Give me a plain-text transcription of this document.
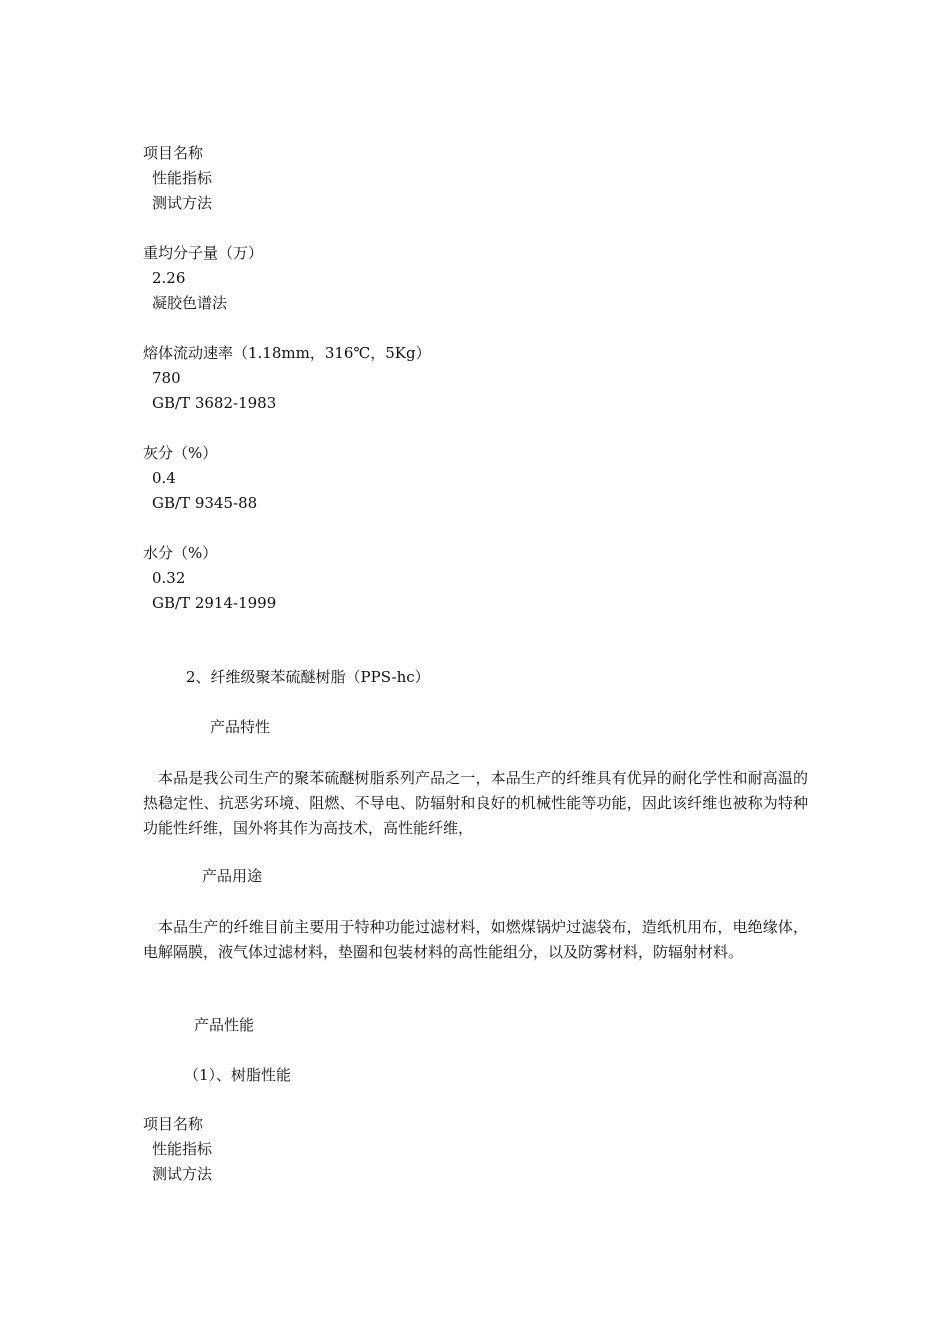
项目名称
性能指标
测试方法
重均分子量（万）
2.26
凝胶色谱法
熔体流动速率（1.18mm，316℃，5Kg）
780
GB/T 3682-1983
灰分（%）
0.4
GB/T 9345-88
水分（%）
0.32
GB/T 2914-1999
2、纤维级聚苯硫醚树脂（PPS-hc）
产品特性
本品是我公司生产的聚苯硫醚树脂系列产品之一，本品生产的纤维具有优异的耐化学性和耐高温的热稳定性、抗恶劣环境、阻燃、不导电、防辐射和良好的机械性能等功能，因此该纤维也被称为特种功能性纤维，国外将其作为高技术，高性能纤维，
产品用途
本品生产的纤维目前主要用于特种功能过滤材料，如燃煤锅炉过滤袋布，造纸机用布，电绝缘体，电解隔膜，液气体过滤材料，垫圈和包装材料的高性能组分，以及防雾材料，防辐射材料。
产品性能
（1）、树脂性能
项目名称
性能指标
测试方法
